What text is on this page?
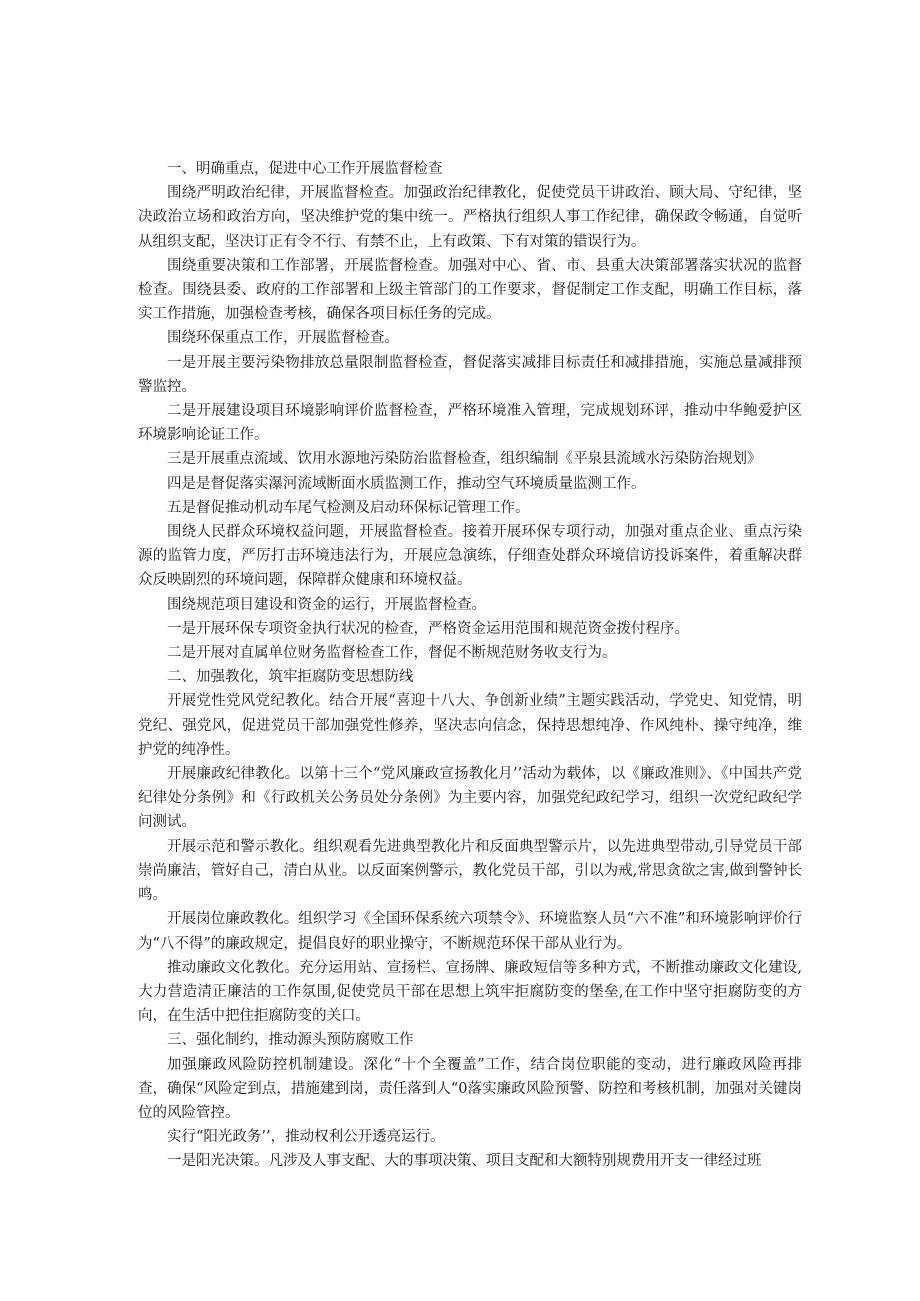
一、明确重点，促进中心工作开展监督检查

围绕严明政治纪律，开展监督检查。加强政治纪律教化，促使党员干讲政治、顾大局、守纪律，坚决政治立场和政治方向，坚决维护党的集中统一。严格执行组织人事工作纪律，确保政令畅通，自觉听从组织支配，坚决订正有令不行、有禁不止，上有政策、下有对策的错误行为。

围绕重要决策和工作部署，开展监督检查。加强对中心、省、市、县重大决策部署落实状况的监督检查。围绕县委、政府的工作部署和上级主管部门的工作要求，督促制定工作支配，明确工作目标，落实工作措施，加强检查考核，确保各项目标任务的完成。

围绕环保重点工作，开展监督检查。

一是开展主要污染物排放总量限制监督检查，督促落实减排目标责任和减排措施，实施总量减排预警监控。

二是开展建设项目环境影响评价监督检查，严格环境准入管理，完成规划环评，推动中华鲍爱护区环境影响论证工作。

三是开展重点流域、饮用水源地污染防治监督检查，组织编制《平泉县流域水污染防治规划》

四是是督促落实瀑河流域断面水质监测工作，推动空气环境质量监测工作。

五是督促推动机动车尾气检测及启动环保标记管理工作。

围绕人民群众环境权益问题，开展监督检查。接着开展环保专项行动，加强对重点企业、重点污染源的监管力度，严厉打击环境违法行为，开展应急演练，仔细查处群众环境信访投诉案件，着重解决群众反映剧烈的环境问题，保障群众健康和环境权益。

围绕规范项目建设和资金的运行，开展监督检查。

一是开展环保专项资金执行状况的检查，严格资金运用范围和规范资金拨付程序。

二是开展对直属单位财务监督检查工作，督促不断规范财务收支行为。

二、加强教化，筑牢拒腐防变思想防线

开展党性党风党纪教化。结合开展“喜迎十八大、争创新业绩”主题实践活动，学党史、知党情，明党纪、强党风，促进党员干部加强党性修养，坚决志向信念，保持思想纯净、作风纯朴、操守纯净，维护党的纯净性。

开展廉政纪律教化。以第十三个“党风廉政宣扬教化月’’活动为载体，以《廉政准则》、《中国共产党纪律处分条例》和《行政机关公务员处分条例》为主要内容，加强党纪政纪学习，组织一次党纪政纪学问测试。

开展示范和警示教化。组织观看先进典型教化片和反面典型警示片，以先进典型带动,引导党员干部崇尚廉洁，管好自己，清白从业。以反面案例警示，教化党员干部，引以为戒,常思贪欲之害,做到警钟长鸣。

开展岗位廉政教化。组织学习《全国环保系统六项禁令》、环境监察人员“六不准”和环境影响评价行为“八不得”的廉政规定，提倡良好的职业操守，不断规范环保干部从业行为。

推动廉政文化教化。充分运用站、宣扬栏、宣扬牌、廉政短信等多种方式，不断推动廉政文化建设,大力营造清正廉洁的工作氛围,促使党员干部在思想上筑牢拒腐防变的堡垒,在工作中坚守拒腐防变的方向，在生活中把住拒腐防变的关口。

三、强化制约，推动源头预防腐败工作

加强廉政风险防控机制建设。深化“十个全覆盖”工作，结合岗位职能的变动，进行廉政风险再排查，确保“风险定到点，措施建到岗，责任落到人“0落实廉政风险预警、防控和考核机制，加强对关键岗位的风险管控。

实行“阳光政务’’，推动权利公开透亮运行。

一是阳光决策。凡涉及人事支配、大的事项决策、项目支配和大额特别规费用开支一律经过班
